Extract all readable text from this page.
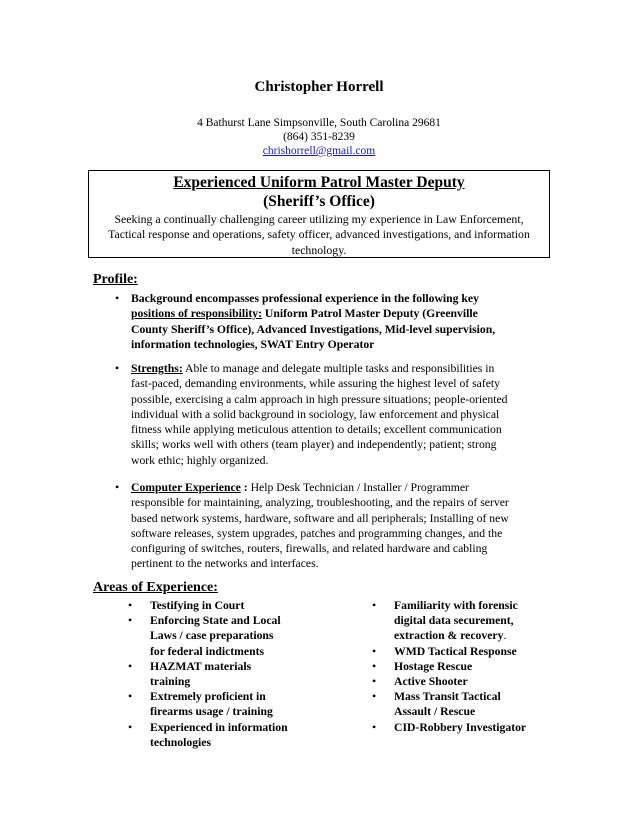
Christopher Horrell
4 Bathurst Lane Simpsonville, South Carolina 29681
(864) 351-8239
chrishorrell@gmail.com
Experienced Uniform Patrol Master Deputy
(Sheriff’s Office)
Seeking a continually challenging career utilizing my experience in Law Enforcement,
Tactical response and operations, safety officer, advanced investigations, and information
technology.
Profile:
•	Background encompasses professional experience in the following key
positions of responsibility: Uniform Patrol Master Deputy (Greenville
County Sheriff’s Office), Advanced Investigations, Mid-level supervision,
information technologies, SWAT Entry Operator
•	Strengths: Able to manage and delegate multiple tasks and responsibilities in
fast-paced, demanding environments, while assuring the highest level of safety
possible, exercising a calm approach in high pressure situations; people-oriented
individual with a solid background in sociology, law enforcement and physical
fitness while applying meticulous attention to details; excellent communication
skills; works well with others (team player) and independently; patient; strong
work ethic; highly organized.
•	Computer Experience : Help Desk Technician / Installer / Programmer
responsible for maintaining, analyzing, troubleshooting, and the repairs of server
based network systems, hardware, software and all peripherals; Installing of new
software releases, system upgrades, patches and programming changes, and the
configuring of switches, routers, firewalls, and related hardware and cabling
pertinent to the networks and interfaces.
Areas of Experience:
• Testifying in Court
• Enforcing State and Local
Laws / case preparations
for federal indictments
• HAZMAT materials
training
• Extremely proficient in
firearms usage / training
• Experienced in information
technologies
• Familiarity with forensic
digital data securement,
extraction & recovery.
• WMD Tactical Response
• Hostage Rescue
• Active Shooter
• Mass Transit Tactical
Assault / Rescue
• CID-Robbery Investigator
